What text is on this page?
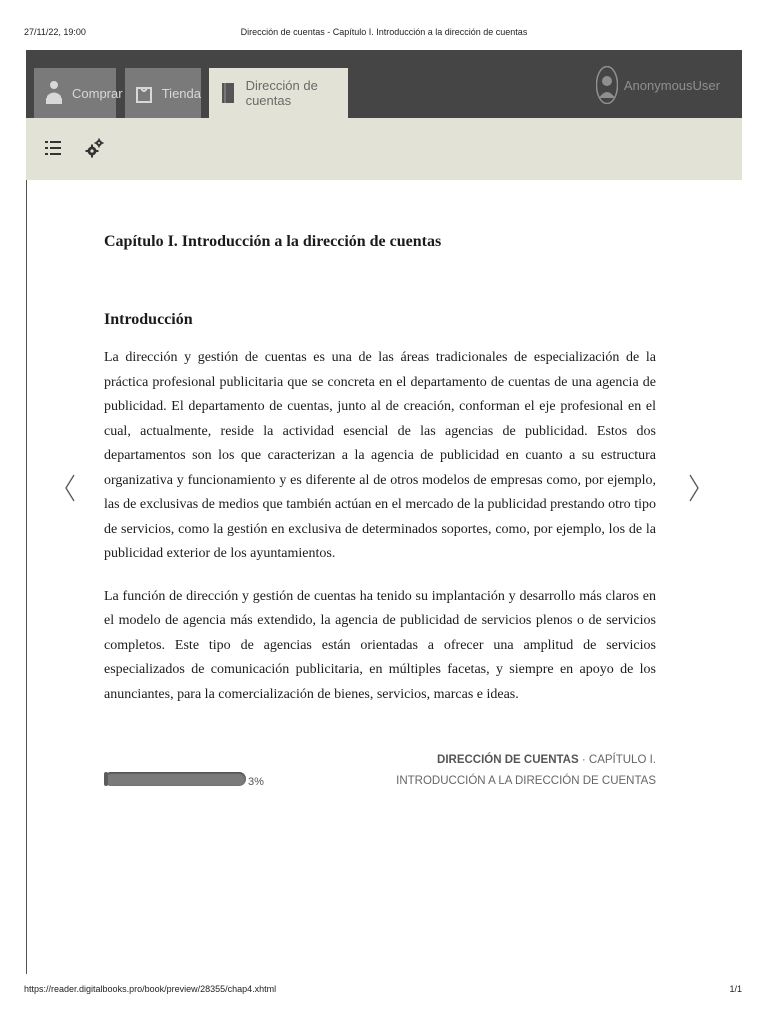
27/11/22, 19:00	Dirección de cuentas - Capítulo I. Introducción a la dirección de cuentas
Comprar	Tienda	Dirección de cuentas
AnonymousUser
Capítulo I. Introducción a la dirección de cuentas
Introducción

La dirección y gestión de cuentas es una de las áreas tradicionales de especialización de la práctica profesional publicitaria que se concreta en el departamento de cuentas de una agencia de publicidad. El departamento de cuentas, junto al de creación, conforman el eje profesional en el cual, actualmente, reside la actividad esencial de las agencias de publicidad. Estos dos departamentos son los que caracterizan a la agencia de publicidad en cuanto a su estructura organizativa y funcionamiento y es diferente al de otros modelos de empresas como, por ejemplo, las de exclusivas de medios que también actúan en el mercado de la publicidad prestando otro tipo de servicios, como la gestión en exclusiva de determinados soportes, como, por ejemplo, los de la publicidad exterior de los ayuntamientos.

La función de dirección y gestión de cuentas ha tenido su implantación y desarrollo más claros en el modelo de agencia más extendido, la agencia de publicidad de servicios plenos o de servicios completos. Este tipo de agencias están orientadas a ofrecer una amplitud de servicios especializados de comunicación publicitaria, en múltiples facetas, y siempre en apoyo de los anunciantes, para la comercialización de bienes, servicios, marcas e ideas.

DIRECCIÓN DE CUENTAS · CAPÍTULO I. INTRODUCCIÓN A LA DIRECCIÓN DE CUENTAS
3%
https://reader.digitalbooks.pro/book/preview/28355/chap4.xhtml	1/1
